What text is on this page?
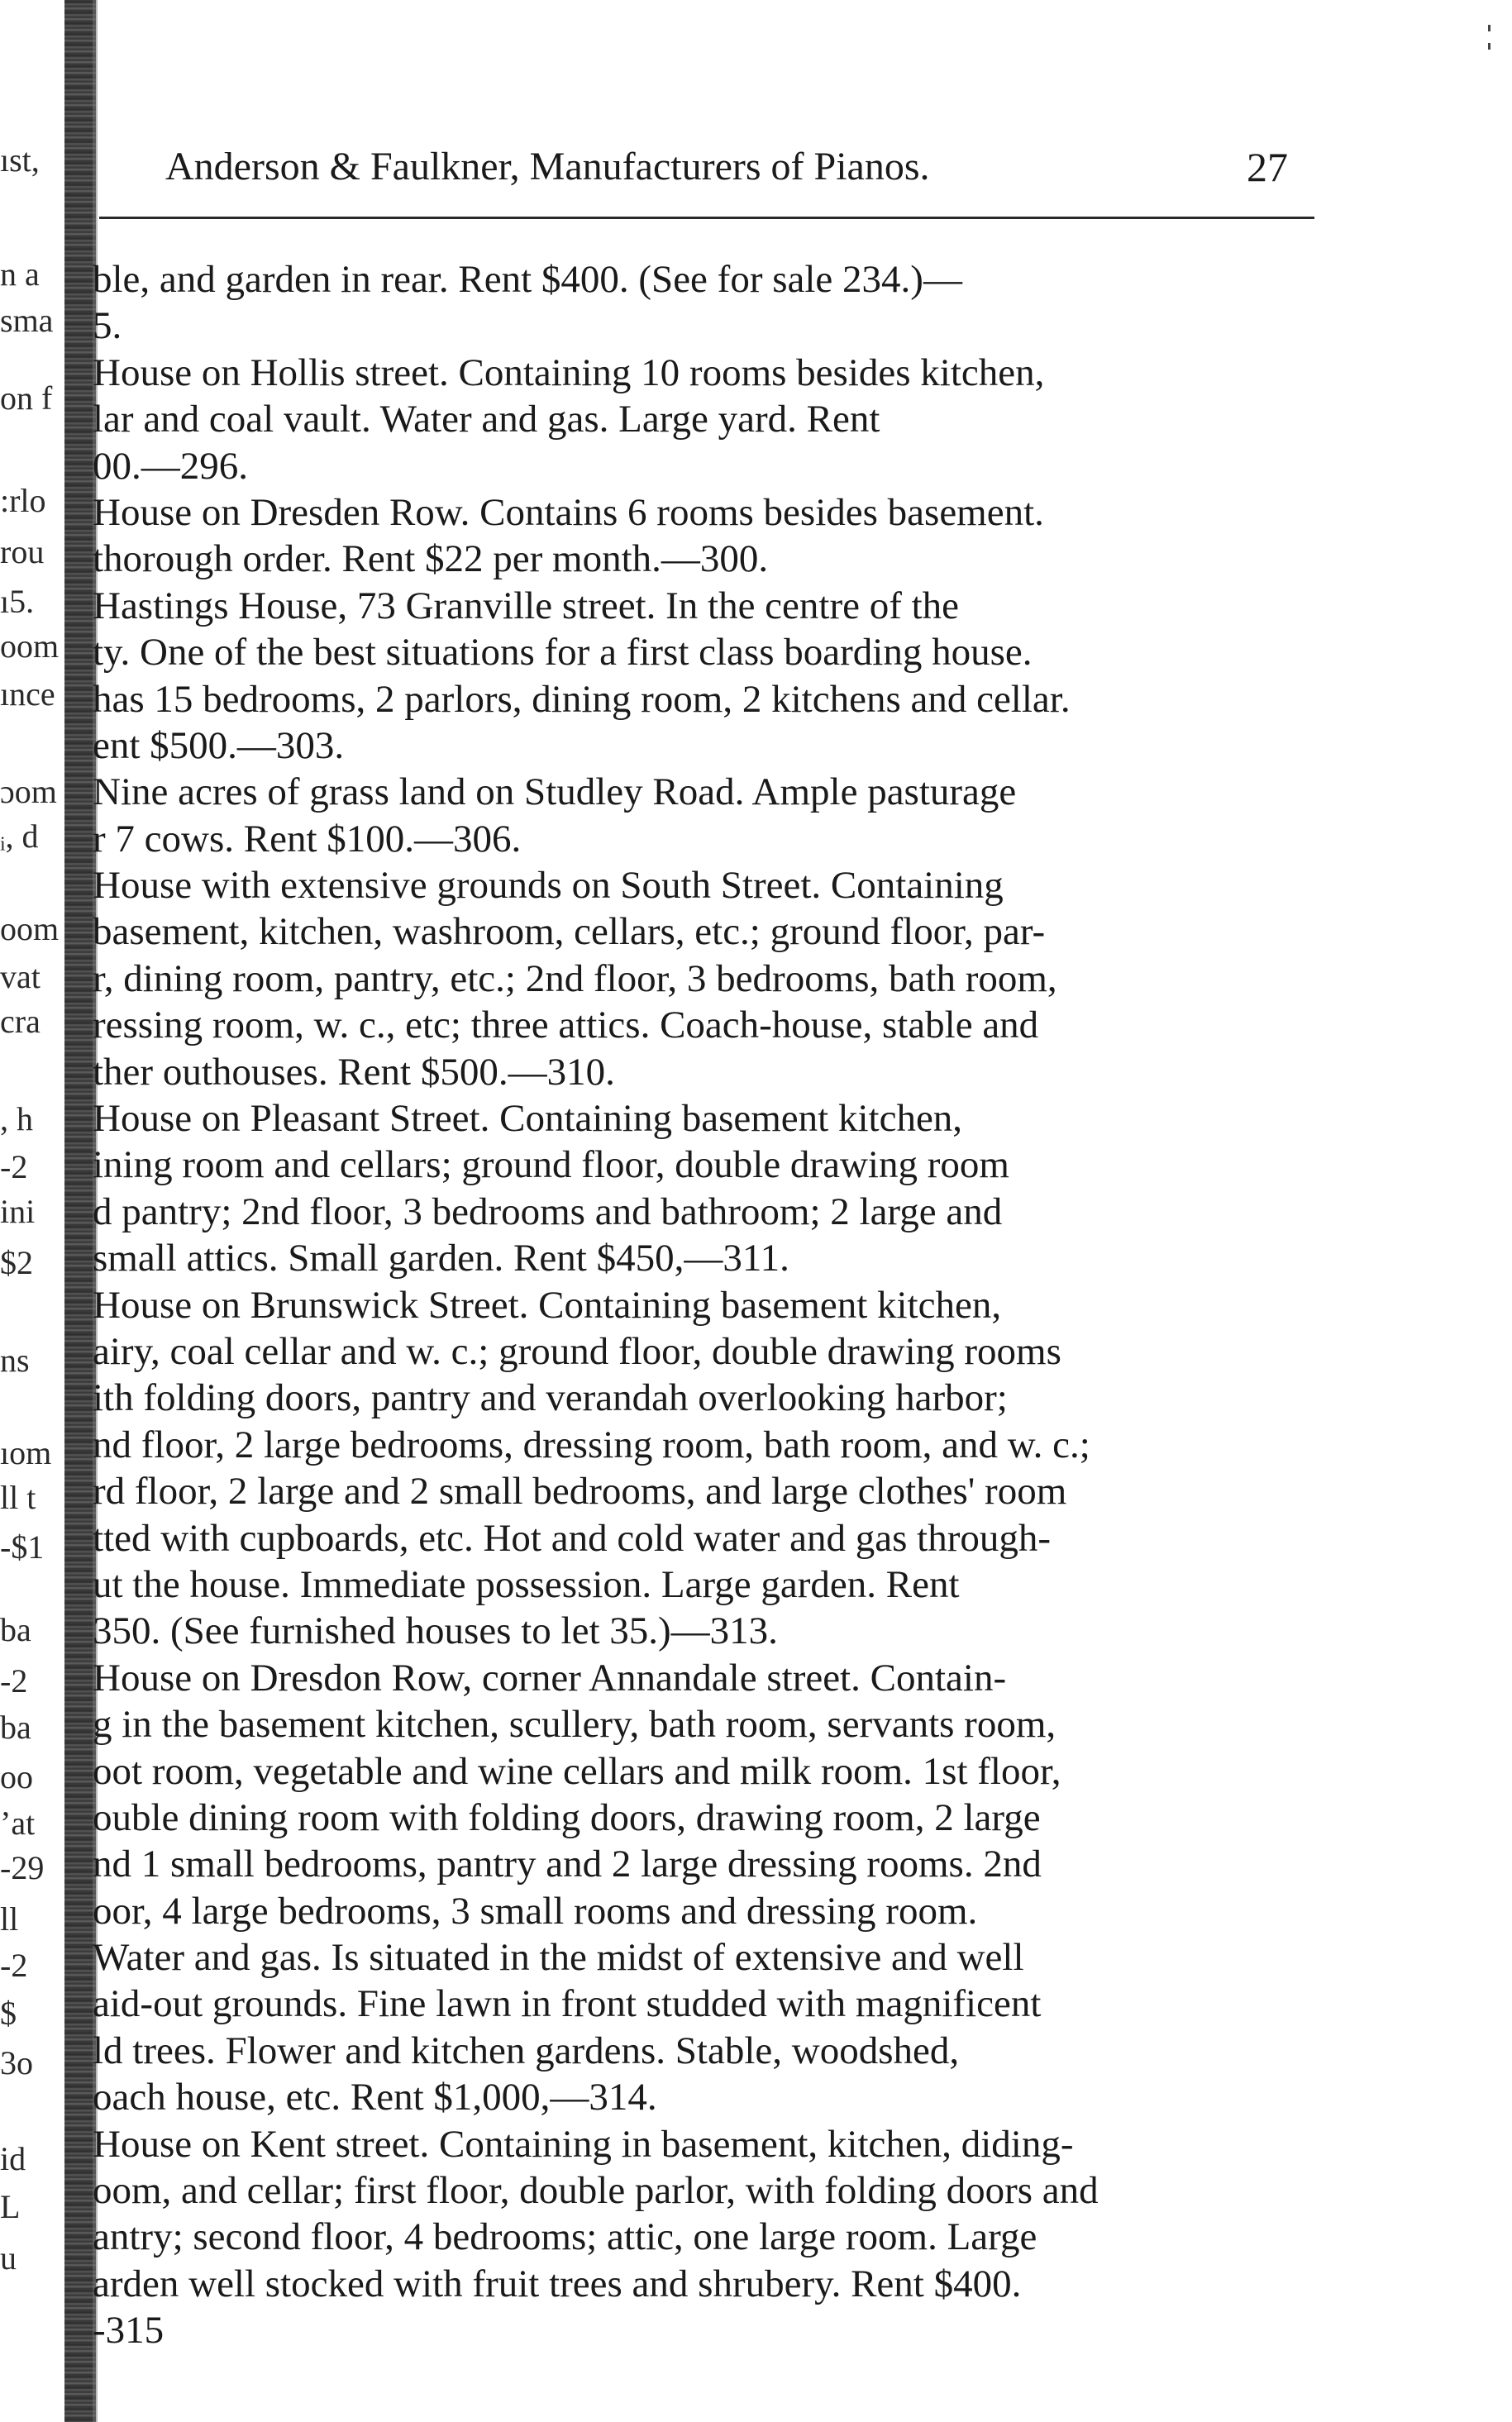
ıst,
n a
sma
on f
:rlo
rou
ı5.
oom
ınce
ɔom
ᵢ, d
oom
vat
cra
, h
-2
ini
$2
ns
ıom
ll t
-$1
ba
-2
ba
oo
ʼat
-29
ll
-2
$
3o
id
L
u
Anderson & Faulkner, Manufacturers of Pianos.	27
ble, and garden in rear. Rent $400. (See for sale 234.)—
5.
House on Hollis street. Containing 10 rooms besides kitchen,
lar and coal vault. Water and gas. Large yard. Rent
00.—296.
House on Dresden Row. Contains 6 rooms besides basement.
thorough order. Rent $22 per month.—300.
Hastings House, 73 Granville street. In the centre of the
ty. One of the best situations for a first class boarding house.
has 15 bedrooms, 2 parlors, dining room, 2 kitchens and cellar.
ent $500.—303.
Nine acres of grass land on Studley Road. Ample pasturage
r 7 cows. Rent $100.—306.
House with extensive grounds on South Street. Containing
basement, kitchen, washroom, cellars, etc.; ground floor, par-
r, dining room, pantry, etc.; 2nd floor, 3 bedrooms, bath room,
ressing room, w. c., etc; three attics. Coach-house, stable and
ther outhouses. Rent $500.—310.
House on Pleasant Street. Containing basement kitchen,
ining room and cellars; ground floor, double drawing room
d pantry; 2nd floor, 3 bedrooms and bathroom; 2 large and
small attics. Small garden. Rent $450,—311.
House on Brunswick Street. Containing basement kitchen,
airy, coal cellar and w. c.; ground floor, double drawing rooms
ith folding doors, pantry and verandah overlooking harbor;
nd floor, 2 large bedrooms, dressing room, bath room, and w. c.;
rd floor, 2 large and 2 small bedrooms, and large clothes' room
tted with cupboards, etc. Hot and cold water and gas through-
ut the house. Immediate possession. Large garden. Rent
350. (See furnished houses to let 35.)—313.
House on Dresdon Row, corner Annandale street. Contain-
g in the basement kitchen, scullery, bath room, servants room,
oot room, vegetable and wine cellars and milk room. 1st floor,
ouble dining room with folding doors, drawing room, 2 large
nd 1 small bedrooms, pantry and 2 large dressing rooms. 2nd
oor, 4 large bedrooms, 3 small rooms and dressing room.
Water and gas. Is situated in the midst of extensive and well
aid-out grounds. Fine lawn in front studded with magnificent
ld trees. Flower and kitchen gardens. Stable, woodshed,
oach house, etc. Rent $1,000,—314.
House on Kent street. Containing in basement, kitchen, diding-
oom, and cellar; first floor, double parlor, with folding doors and
antry; second floor, 4 bedrooms; attic, one large room. Large
arden well stocked with fruit trees and shrubery. Rent $400.
-315
